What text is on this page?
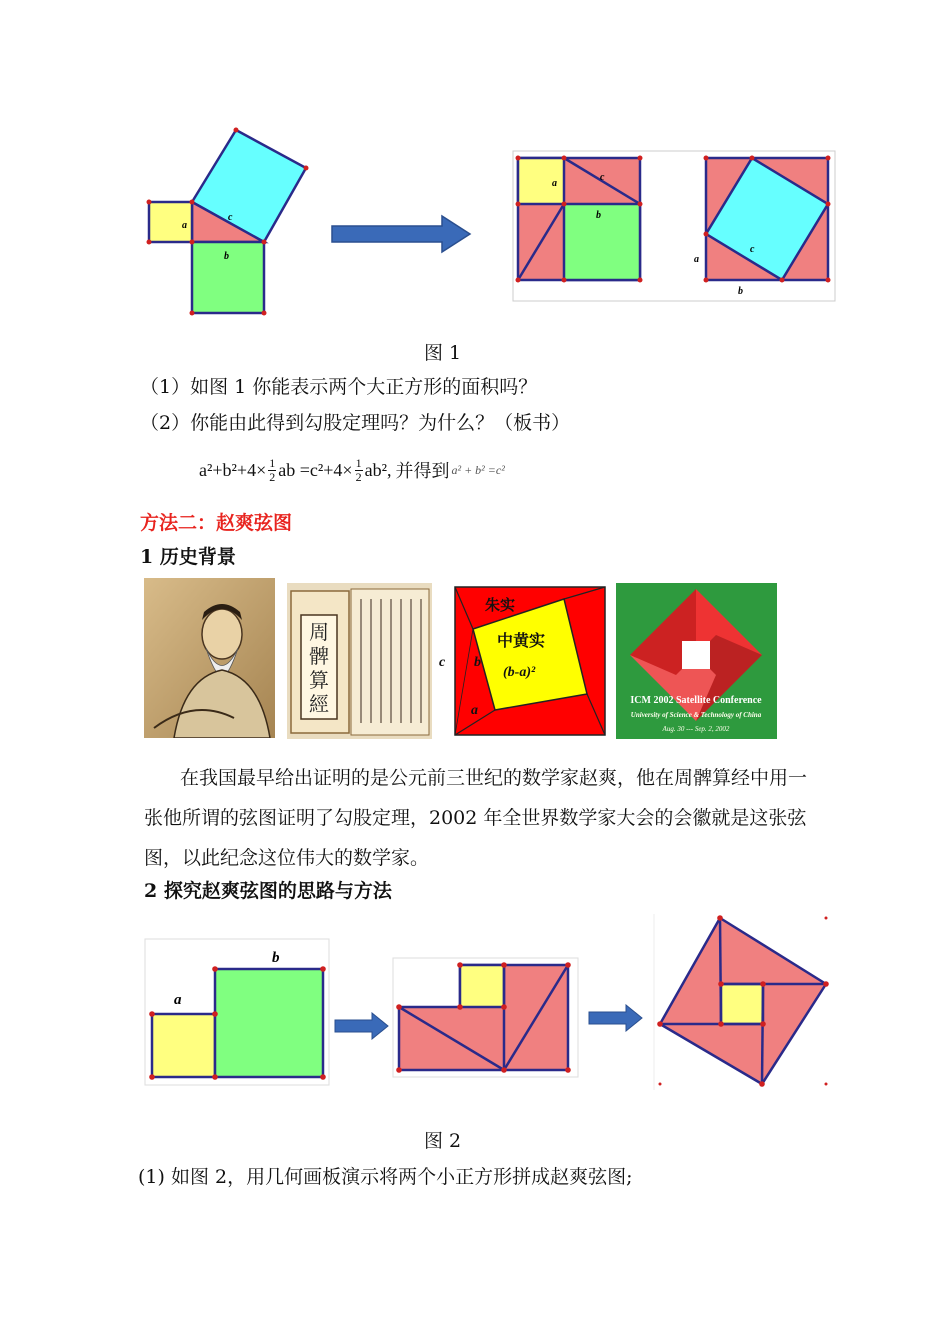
a
c
b
a
c
b
c
a
b
图 1
（1）如图 1 你能表示两个大正方形的面积吗？
（2）你能由此得到勾股定理吗？为什么？（板书）
$a^2+b^2+4\times \frac{1}{2}$ ab $=c^2+4\times \frac{1}{2} ab^2$, 并得到 a² + b² =c²
方法二：赵爽弦图
1 历史背景
周
髀
算
經
朱实
中黄实
(b-a)²
c b
a
ICM 2002 Satellite Conference
University of Science & Technology of China
Aug. 30 --- Sep. 2, 2002
在我国最早给出证明的是公元前三世纪的数学家赵爽，他在周髀算经中用一张他所谓的弦图证明了勾股定理，2002 年全世界数学家大会的会徽就是这张弦图，以此纪念这位伟大的数学家。
2 探究赵爽弦图的思路与方法
a
b
图 2
(1) 如图 2，用几何画板演示将两个小正方形拼成赵爽弦图;
